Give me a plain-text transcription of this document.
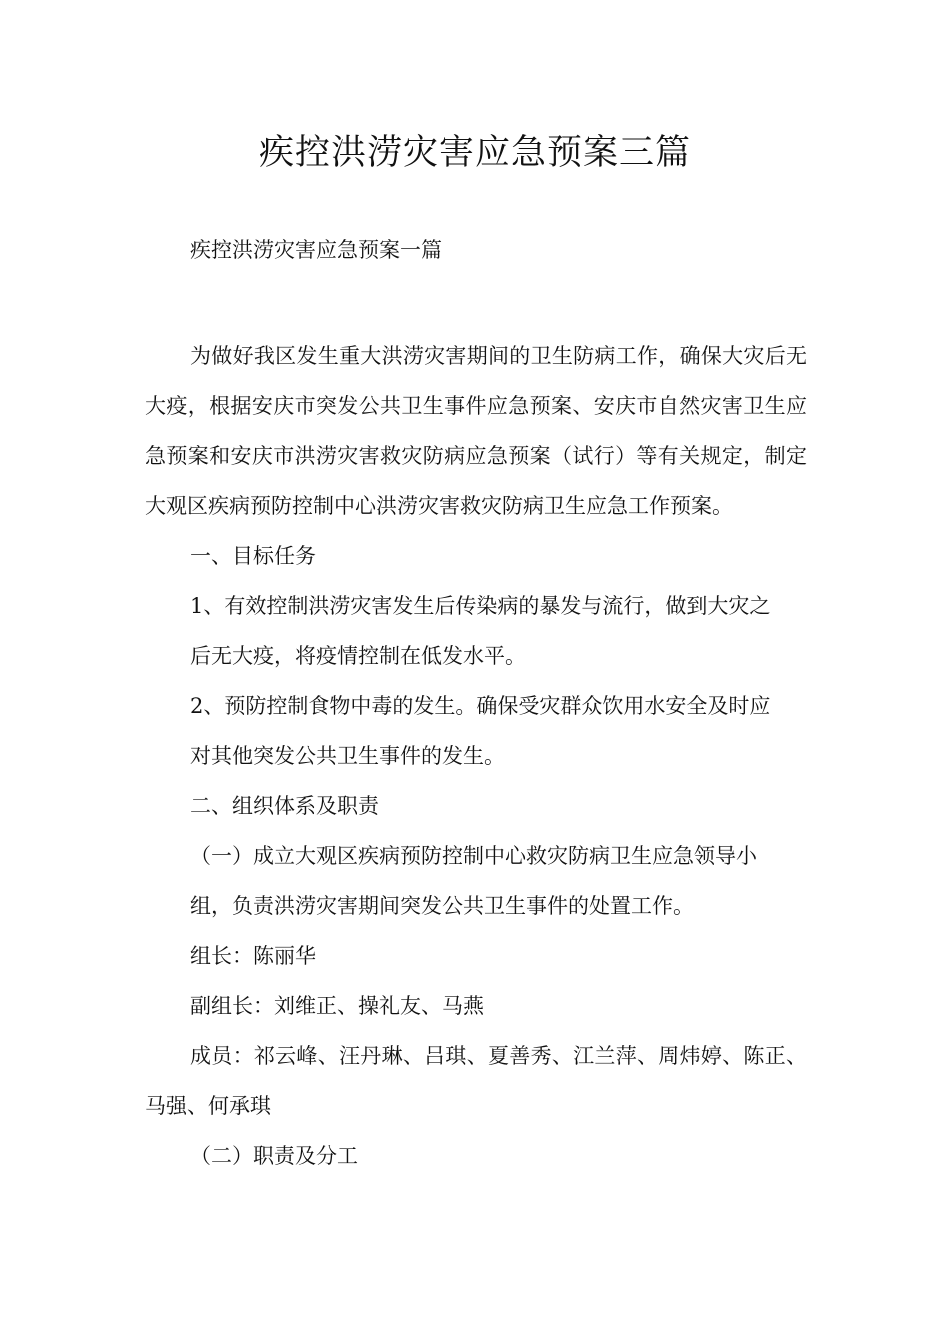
疾控洪涝灾害应急预案三篇

疾控洪涝灾害应急预案一篇

为做好我区发生重大洪涝灾害期间的卫生防病工作，确保大灾后无大疫，根据安庆市突发公共卫生事件应急预案、安庆市自然灾害卫生应急预案和安庆市洪涝灾害救灾防病应急预案（试行）等有关规定，制定大观区疾病预防控制中心洪涝灾害救灾防病卫生应急工作预案。

一、目标任务

1、有效控制洪涝灾害发生后传染病的暴发与流行，做到大灾之后无大疫，将疫情控制在低发水平。

2、预防控制食物中毒的发生。确保受灾群众饮用水安全及时应对其他突发公共卫生事件的发生。

二、组织体系及职责

（一）成立大观区疾病预防控制中心救灾防病卫生应急领导小组，负责洪涝灾害期间突发公共卫生事件的处置工作。

组长：陈丽华

副组长：刘维正、操礼友、马燕

成员：祁云峰、汪丹琳、吕琪、夏善秀、江兰萍、周炜婷、陈正、马强、何承琪

（二）职责及分工
